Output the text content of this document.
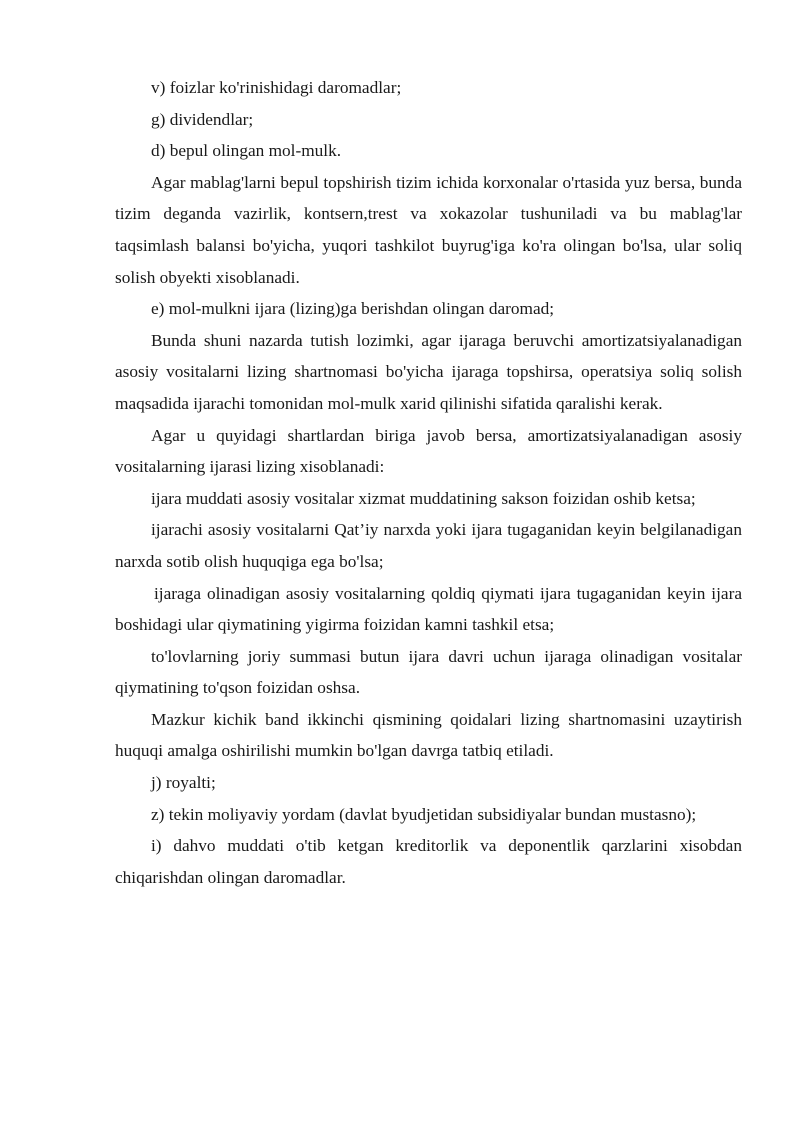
v) foizlar ko'rinishidagi daromadlar;

g) dividendlar;

d) bepul olingan mol-mulk.

Agar mablag'larni bepul topshirish tizim ichida korxonalar o'rtasida yuz bersa, bunda tizim deganda vazirlik, kontsern,trest va xokazolar tushuniladi va bu mablag'lar taqsimlash balansi bo'yicha, yuqori tashkilot buyrug'iga ko'ra olingan bo'lsa, ular soliq solish obyekti xisoblanadi.

e) mol-mulkni ijara (lizing)ga berishdan olingan daromad;

Bunda shuni nazarda tutish lozimki, agar ijaraga beruvchi amortizatsiyalanadigan asosiy vositalarni lizing shartnomasi bo'yicha ijaraga topshirsa, operatsiya soliq solish maqsadida ijarachi tomonidan mol-mulk xarid qilinishi sifatida qaralishi kerak.

Agar u quyidagi shartlardan biriga javob bersa, amortizatsiyalanadigan asosiy vositalarning ijarasi lizing xisoblanadi:

ijara muddati asosiy vositalar xizmat muddatining sakson foizidan oshib ketsa;

ijarachi asosiy vositalarni Qat’iy narxda yoki ijara tugaganidan keyin belgilanadigan narxda sotib olish huquqiga ega bo'lsa;

ijaraga olinadigan asosiy vositalarning qoldiq qiymati ijara tugaganidan keyin ijara boshidagi ular qiymatining yigirma foizidan kamni tashkil etsa;

to'lovlarning joriy summasi butun ijara davri uchun ijaraga olinadigan vositalar qiymatining to'qson foizidan oshsa.

Mazkur kichik band ikkinchi qismining qoidalari lizing shartnomasini uzaytirish huquqi amalga oshirilishi mumkin bo'lgan davrga tatbiq etiladi.

j) royalti;

z) tekin moliyaviy yordam (davlat byudjetidan subsidiyalar bundan mustasno);

i) dahvo muddati o'tib ketgan kreditorlik va deponentlik qarzlarini xisobdan chiqarishdan olingan daromadlar.
